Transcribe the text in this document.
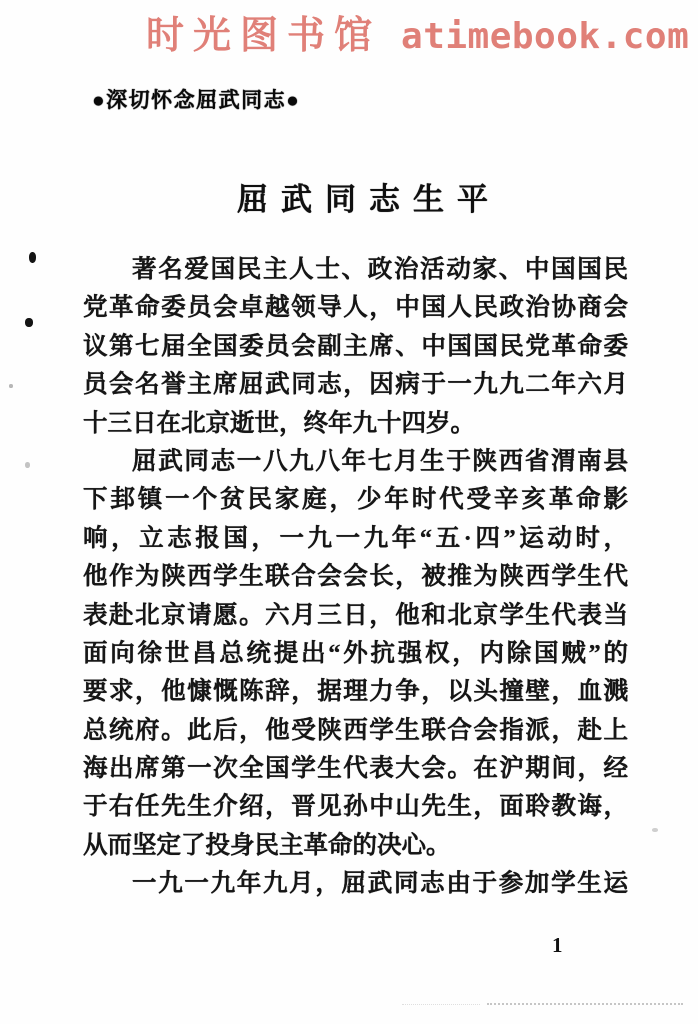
时光图书馆 atimebook.com
●深切怀念屈武同志●
屈武同志生平
著名爱国民主人士、政治活动家、中国国民
党革命委员会卓越领导人，中国人民政治协商会
议第七届全国委员会副主席、中国国民党革命委
员会名誉主席屈武同志，因病于一九九二年六月
十三日在北京逝世，终年九十四岁。
屈武同志一八九八年七月生于陕西省渭南县
下邽镇一个贫民家庭，少年时代受辛亥革命影
响，立志报国，一九一九年“五·四”运动时，
他作为陕西学生联合会会长，被推为陕西学生代
表赴北京请愿。六月三日，他和北京学生代表当
面向徐世昌总统提出“外抗强权，内除国贼”的
要求，他慷慨陈辞，据理力争，以头撞壁，血溅
总统府。此后，他受陕西学生联合会指派，赴上
海出席第一次全国学生代表大会。在沪期间，经
于右任先生介绍，晋见孙中山先生，面聆教诲，
从而坚定了投身民主革命的决心。
一九一九年九月，屈武同志由于参加学生运
1
